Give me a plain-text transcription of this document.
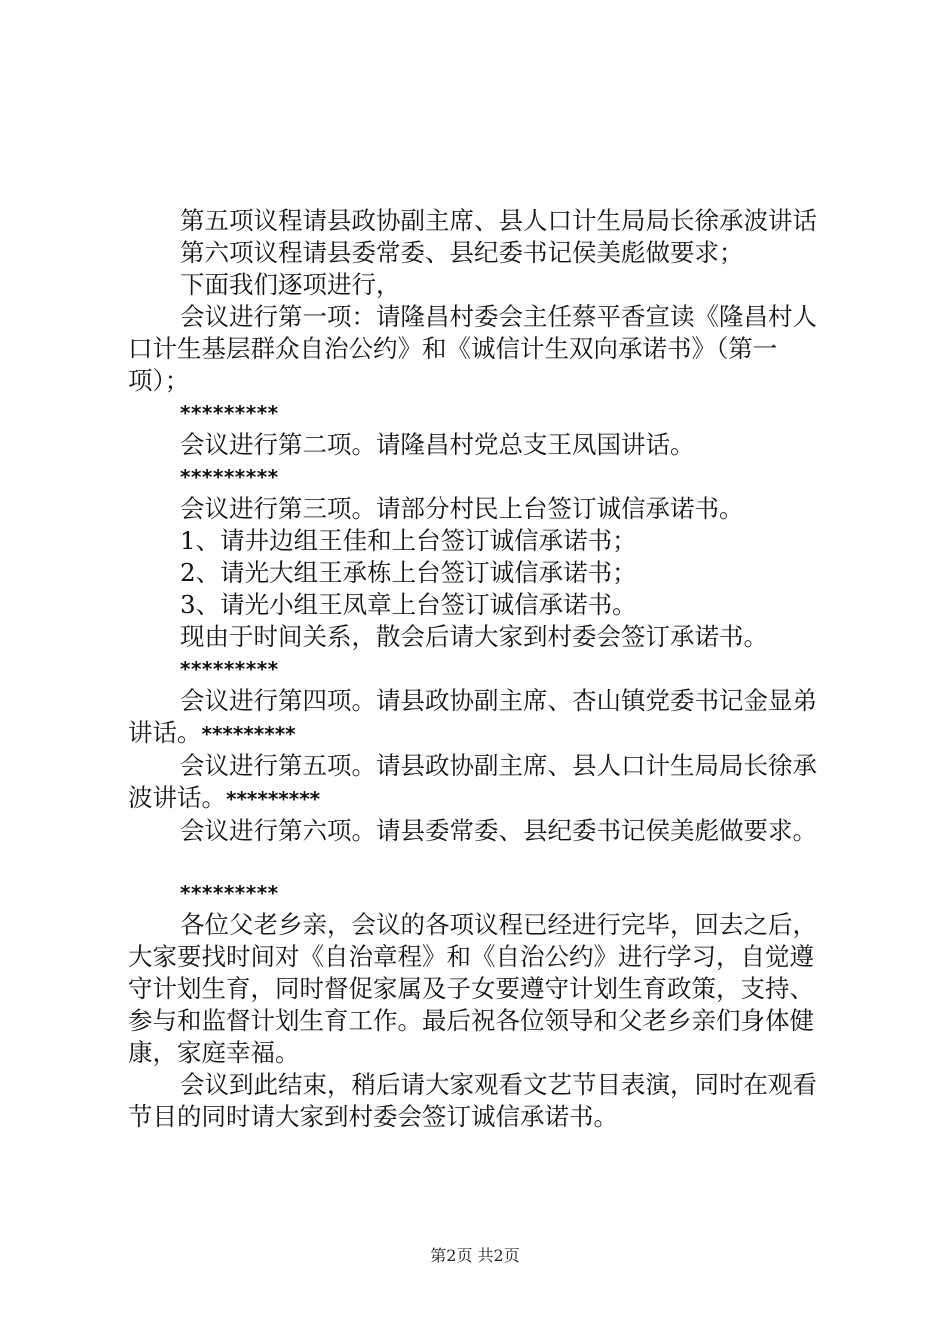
第五项议程请县政协副主席、县人口计生局局长徐承波讲话

第六项议程请县委常委、县纪委书记侯美彪做要求；

下面我们逐项进行，

会议进行第一项：请隆昌村委会主任蔡平香宣读《隆昌村人口计生基层群众自治公约》和《诚信计生双向承诺书》（第一项）；

*********

会议进行第二项。请隆昌村党总支王凤国讲话。

*********

会议进行第三项。请部分村民上台签订诚信承诺书。

1、请井边组王佳和上台签订诚信承诺书；

2、请光大组王承栋上台签订诚信承诺书；

3、请光小组王凤章上台签订诚信承诺书。

现由于时间关系，散会后请大家到村委会签订承诺书。

*********

会议进行第四项。请县政协副主席、杏山镇党委书记金显弟讲话。*********

会议进行第五项。请县政协副主席、县人口计生局局长徐承波讲话。*********

会议进行第六项。请县委常委、县纪委书记侯美彪做要求。

*********

各位父老乡亲，会议的各项议程已经进行完毕，回去之后，大家要找时间对《自治章程》和《自治公约》进行学习，自觉遵守计划生育，同时督促家属及子女要遵守计划生育政策，支持、参与和监督计划生育工作。最后祝各位领导和父老乡亲们身体健康，家庭幸福。

会议到此结束，稍后请大家观看文艺节目表演，同时在观看节目的同时请大家到村委会签订诚信承诺书。

第2页 共2页
